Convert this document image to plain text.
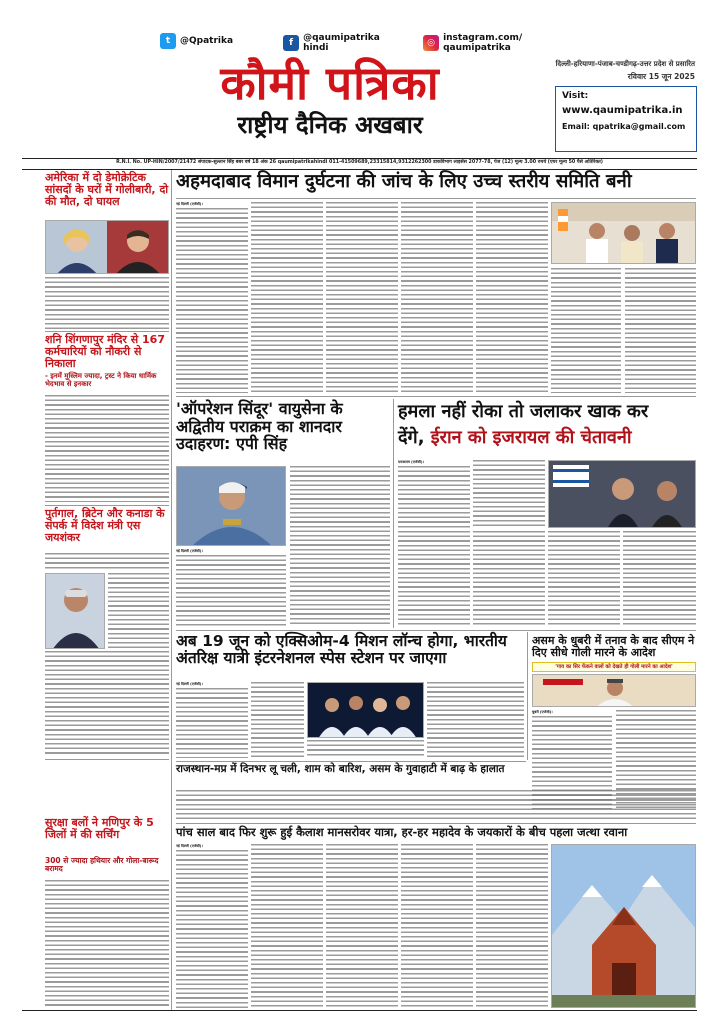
t	@Qpatrika	f	@qaumipatrika hindi	◎ instagram.com/ qaumipatrika
कौमी पत्रिका
राष्ट्रीय दैनिक अखबार
दिल्ली-हरियाणा-पंजाब-चण्डीगढ़-उत्तर प्रदेश से प्रसारित
रविवार 15 जून 2025
Visit:
www.qaumipatrika.in
Email: qpatrika@gmail.com
R.N.I. No. UP-HIN/2007/21472 संपादक-सुल्तान सिंह बबर वर्ष 18 अंक 26 qaumipatrikahindi 011-41509689,23315814,9312262300 डाकविभाग लाइसेंस 2077-78, पेज (12) मूल्य 3.00 रुपये (एयर मूल्य 50 पैसे अतिरिक्त)
अमेरिका में दो डेमोक्रेटिक सांसदों के घरों में गोलीबारी, दो की मौत, दो घायल
शनि शिंगणापुर मंदिर से 167 कर्मचारियों को नौकरी से निकाला
- इनमें मुस्लिम ज्यादा, ट्रस्ट ने किया धार्मिक भेदभाव से इनकार
पुर्तगाल, ब्रिटेन और कनाडा के संपर्क में विदेश मंत्री एस जयशंकर
सुरक्षा बलों ने मणिपुर के 5 जिलों में की सर्चिंग
300 से ज्यादा हथियार और गोला-बारूद बरामद
अहमदाबाद विमान दुर्घटना की जांच के लिए उच्च स्तरीय समिति बनी
नई दिल्ली (एजेंसी)।
'ऑपरेशन सिंदूर' वायुसेना के अद्वितीय पराक्रम का शानदार उदाहरण: एपी सिंह
नई दिल्ली (एजेंसी)।
हमला नहीं रोका तो जलाकर खाक कर
देंगे, ईरान को इजरायल की चेतावनी
यरूशलम (एजेंसी)।
अब 19 जून को एक्सिओम-4 मिशन लॉन्च होगा, भारतीय अंतरिक्ष यात्री इंटरनेशनल स्पेस स्टेशन पर जाएगा
नई दिल्ली (एजेंसी)।
असम के धुबरी में तनाव के बाद सीएम ने दिए सीधे गोली मारने के आदेश
'गाय का सिर फेंकने वालों को देखते ही गोली मारने का आदेश'
धुबरी (एजेंसी)।
राजस्थान-मप्र में दिनभर लू चली, शाम को बारिश, असम के गुवाहाटी में बाढ़ के हालात
पांच साल बाद फिर शुरू हुई कैलाश मानसरोवर यात्रा, हर-हर महादेव के जयकारों के बीच पहला जत्था रवाना
नई दिल्ली (एजेंसी)।
